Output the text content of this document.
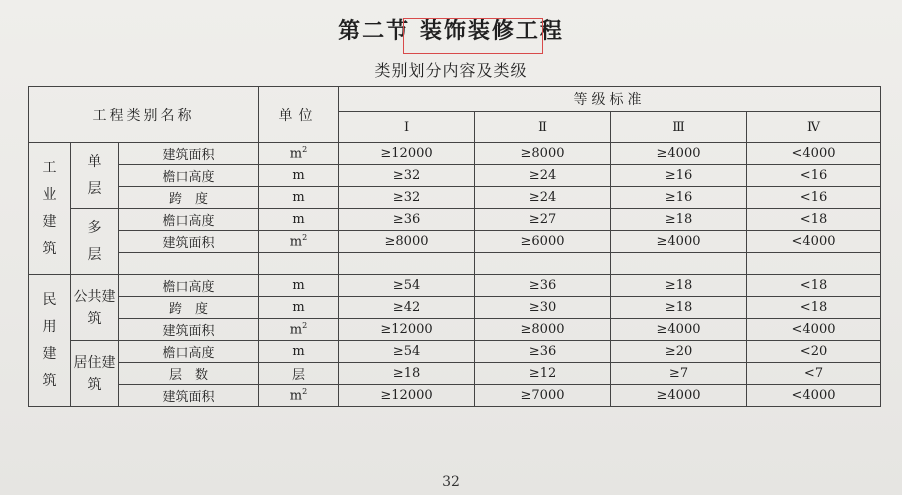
第二节 装饰装修工程
类别划分内容及类级
工程类别名称			单位	等级标准			
				Ⅰ	Ⅱ	Ⅲ	Ⅳ
工业建筑	单层	建筑面积	$m^2$	≥12000	≥8000	≥4000	<4000
		檐口高度	m	≥32	≥24	≥16	<16
		跨　度	m	≥32	≥24	≥16	<16
	多层	檐口高度	m	≥36	≥27	≥18	<18
		建筑面积	$m^2$	≥8000	≥6000	≥4000	<4000

民用建筑	公共建筑	檐口高度	m	≥54	≥36	≥18	<18
		跨　度	m	≥42	≥30	≥18	<18
		建筑面积	$m^2$	≥12000	≥8000	≥4000	<4000
	居住建筑	檐口高度	m	≥54	≥36	≥20	<20
		层　数	层	≥18	≥12	≥7	<7
		建筑面积	$m^2$	≥12000	≥7000	≥4000	<4000
32
